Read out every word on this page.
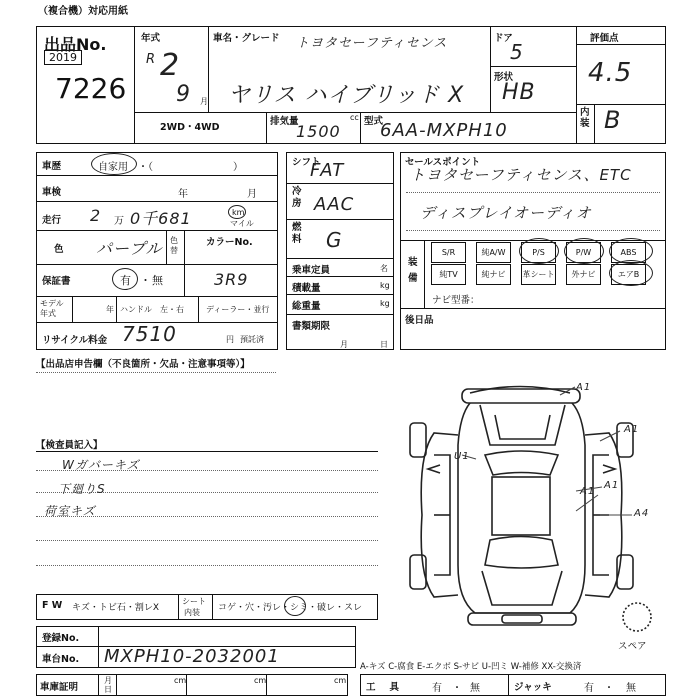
（複合機）対応用紙
出品No.
2019
7226
年式
R 2
9 月
車名・グレード トヨタセーフティセンス
ヤリス ハイブリッド X
ドア
5
形状
HB
評価点
4.5
内装 B
2WD・4WD
排気量	cc
1500
型式
6AA-MXPH10
車歴	自家用 ・（　　　　　　　　）
車検	年	月
走行 2 万 0千681	km
マイル
色 パープル 色替
カラーNo.
保証書	有 ・ 無	3R9
モデル
年式	年 ハンドル　左・右	ディーラー・並行
リサイクル料金 7510	円 預託済
シフト
FAT
冷房 AAC
燃料 G
乗車定員	名
積載量	kg
総重量	kg
書類期限
月	日
セールスポイント
トヨタセーフティセンス、ETC
ディスプレイオーディオ
装備
S/R	純A/W	P/S	P/W	ABS
純TV	純ナビ	革シート	外ナビ	エアB
ナビ型番：
後日品
【出品店申告欄（不良箇所・欠品・注意事項等）】
【検査員記入】
Wガバーキズ
下廻りS
荷室キズ
A1
A1
U1
A1
A1
A4
スペア
F W キズ・トビ石・割レX
シート
内装 コゲ・穴・汚レ・シミ・破レ・スレ
登録No.
車台No. MXPH10-2032001
車庫証明
月日
cm	cm	cm
A-キズ C-腐食 E-エクボ S-サビ U-凹ミ W-補修 XX-交換済
工具 有 ・ 無	ジャッキ	有 ・ 無
